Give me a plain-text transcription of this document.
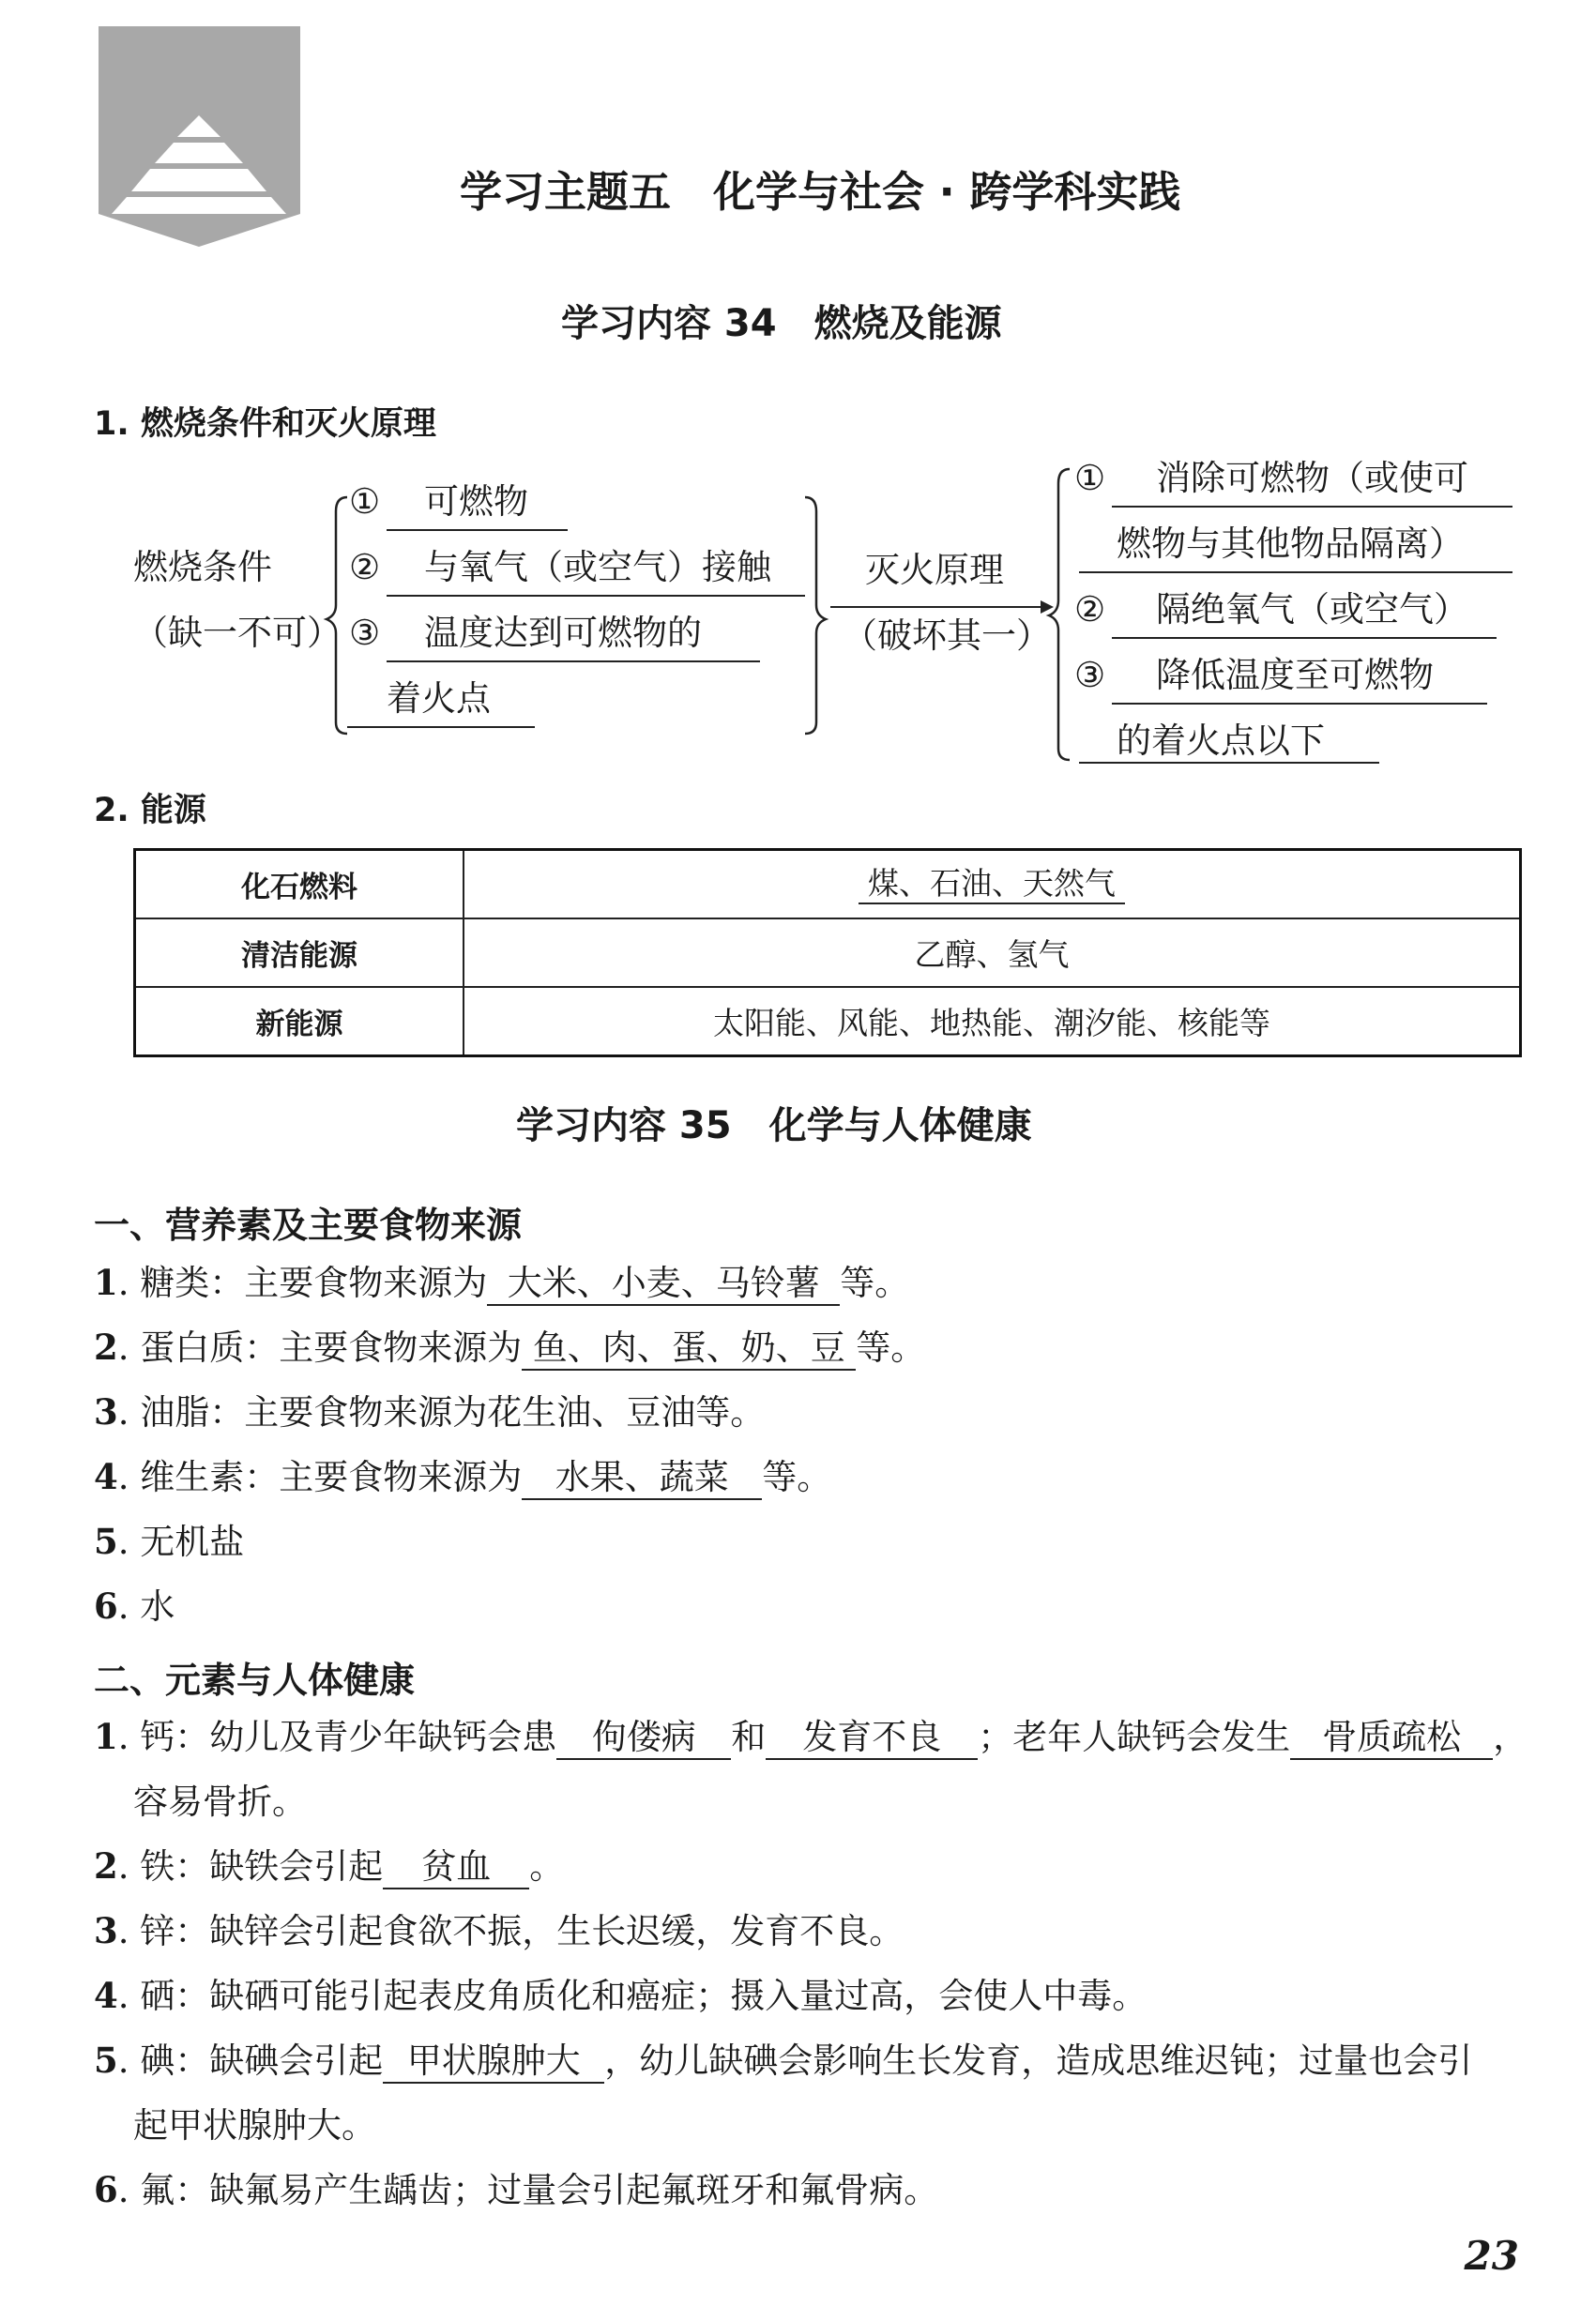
学习主题五　化学与社会 · 跨学科实践
学习内容 34　燃烧及能源
1. 燃烧条件和灭火原理
燃烧条件
（缺一不可）
① 可燃物
② 与氧气（或空气）接触
③ 温度达到可燃物的
着火点
灭火原理
（破坏其一）
① 消除可燃物（或使可
燃物与其他物品隔离）
② 隔绝氧气（或空气）
③ 降低温度至可燃物
的着火点以下
2. 能源
化石燃料	煤、石油、天然气
清洁能源	乙醇、氢气
新能源	太阳能、风能、地热能、潮汐能、核能等
学习内容 35　化学与人体健康
一、营养素及主要食物来源
1. 糖类：主要食物来源为 大米、小麦、马铃薯 等。
2. 蛋白质：主要食物来源为 鱼、肉、蛋、奶、豆 等。
3. 油脂：主要食物来源为花生油、豆油等。
4. 维生素：主要食物来源为 水果、蔬菜 等。
5. 无机盐
6. 水
二、元素与人体健康
1. 钙：幼儿及青少年缺钙会患 佝偻病 和 发育不良 ；老年人缺钙会发生 骨质疏松 ，
容易骨折。
2. 铁：缺铁会引起 贫血 。
3. 锌：缺锌会引起食欲不振，生长迟缓，发育不良。
4. 硒：缺硒可能引起表皮角质化和癌症；摄入量过高，会使人中毒。
5. 碘：缺碘会引起 甲状腺肿大 ，幼儿缺碘会影响生长发育，造成思维迟钝；过量也会引
起甲状腺肿大。
6. 氟：缺氟易产生龋齿；过量会引起氟斑牙和氟骨病。
23
